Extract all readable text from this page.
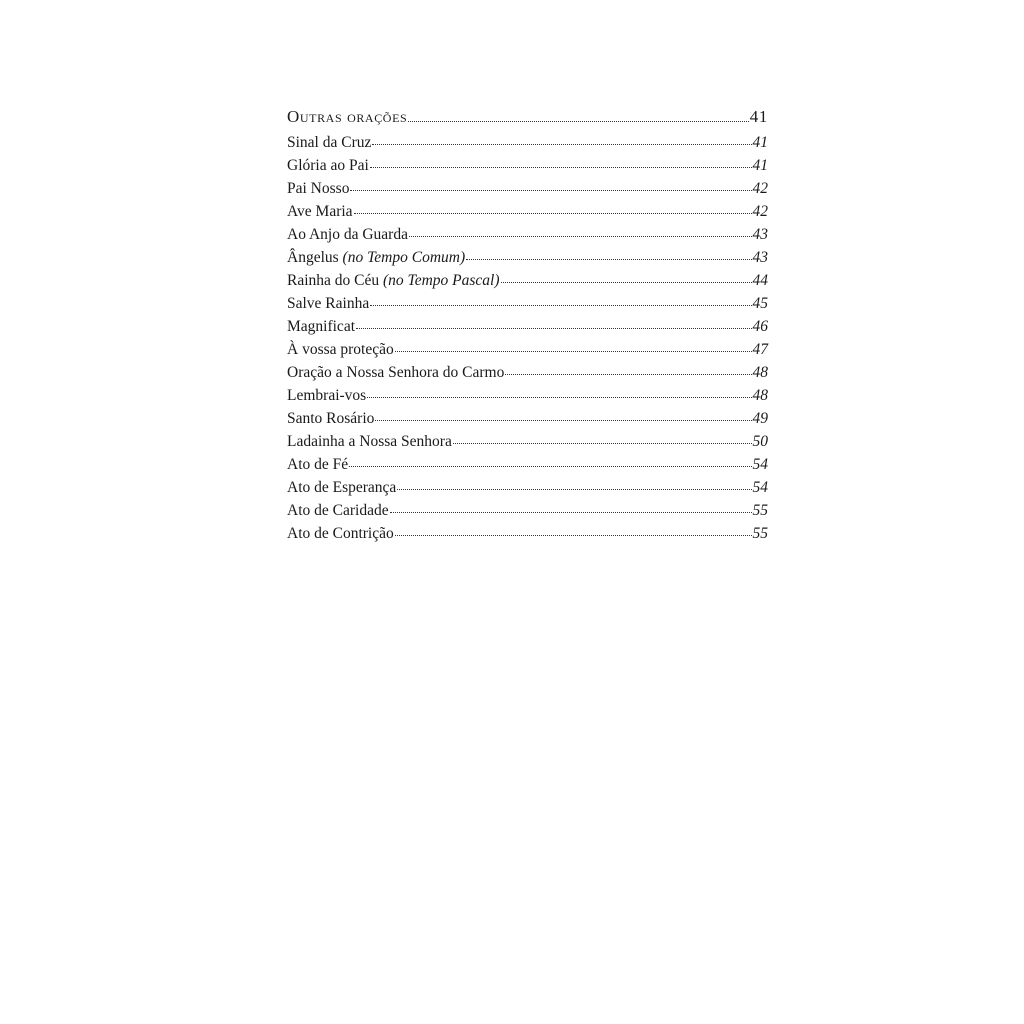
Outras orações	41
Sinal da Cruz	41
Glória ao Pai	41
Pai Nosso	42
Ave Maria	42
Ao Anjo da Guarda	43
Ângelus (no Tempo Comum)	43
Rainha do Céu (no Tempo Pascal)	44
Salve Rainha	45
Magnificat	46
À vossa proteção	47
Oração a Nossa Senhora do Carmo	48
Lembrai-vos	48
Santo Rosário	49
Ladainha a Nossa Senhora	50
Ato de Fé	54
Ato de Esperança	54
Ato de Caridade	55
Ato de Contrição	55
